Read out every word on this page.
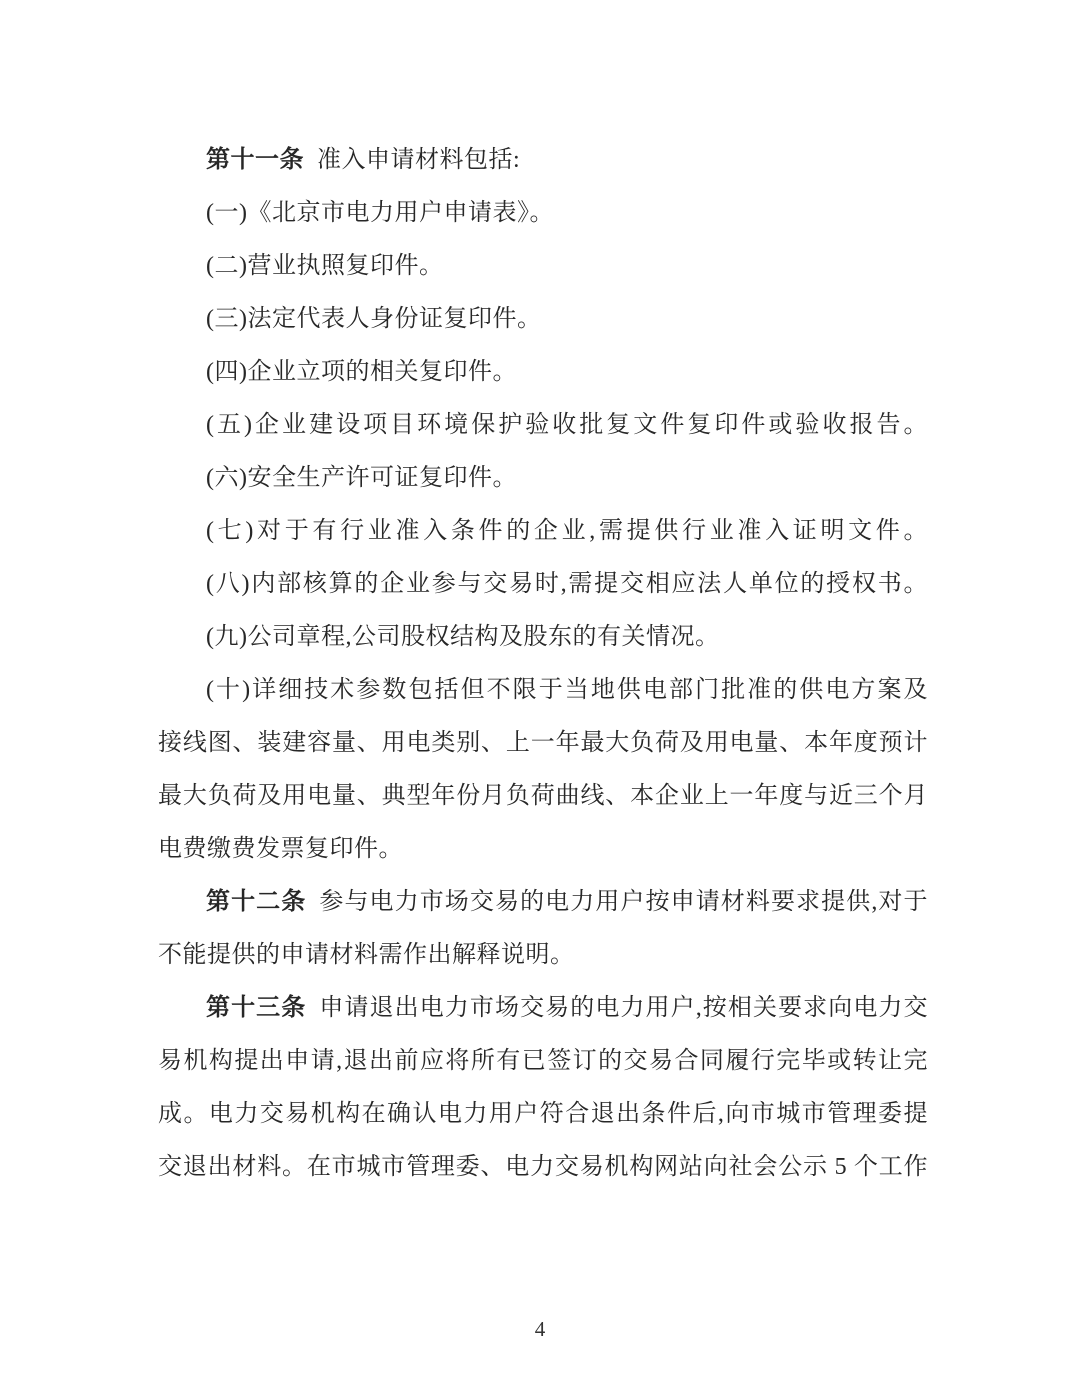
第十一条 准入申请材料包括:
(一)《北京市电力用户申请表》。
(二)营业执照复印件。
(三)法定代表人身份证复印件。
(四)企业立项的相关复印件。
(五)企业建设项目环境保护验收批复文件复印件或验收报告。
(六)安全生产许可证复印件。
(七)对于有行业准入条件的企业,需提供行业准入证明文件。
(八)内部核算的企业参与交易时,需提交相应法人单位的授权书。
(九)公司章程,公司股权结构及股东的有关情况。
(十)详细技术参数包括但不限于当地供电部门批准的供电方案及
接线图、装建容量、用电类别、上一年最大负荷及用电量、本年度预计
最大负荷及用电量、典型年份月负荷曲线、本企业上一年度与近三个月
电费缴费发票复印件。
第十二条 参与电力市场交易的电力用户按申请材料要求提供,对于
不能提供的申请材料需作出解释说明。
第十三条 申请退出电力市场交易的电力用户,按相关要求向电力交
易机构提出申请,退出前应将所有已签订的交易合同履行完毕或转让完
成。电力交易机构在确认电力用户符合退出条件后,向市城市管理委提
交退出材料。在市城市管理委、电力交易机构网站向社会公示 5 个工作
4
